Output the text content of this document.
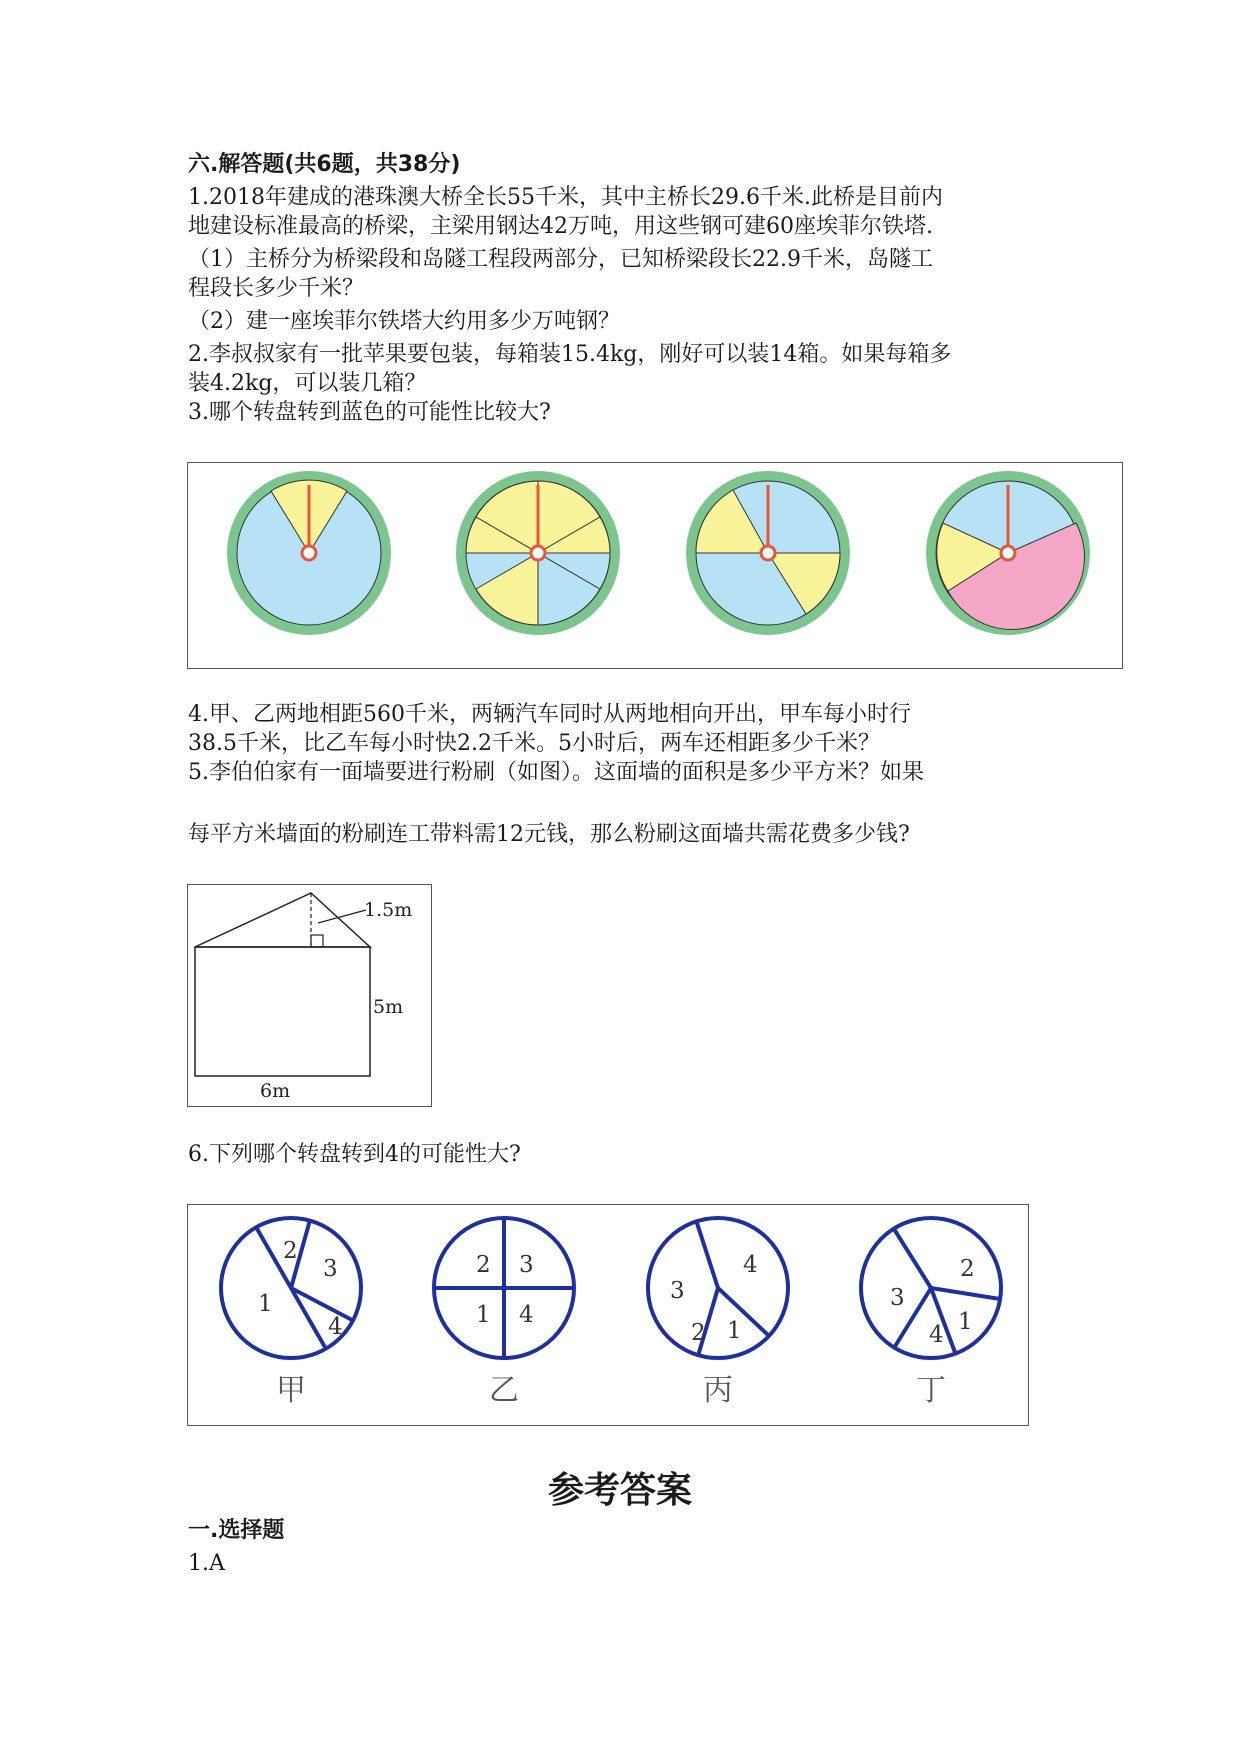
六.解答题(共6题，共38分)
1.2018年建成的港珠澳大桥全长55千米，其中主桥长29.6千米.此桥是目前内
地建设标准最高的桥梁，主梁用钢达42万吨，用这些钢可建60座埃菲尔铁塔.
（1）主桥分为桥梁段和岛隧工程段两部分，已知桥梁段长22.9千米，岛隧工
程段长多少千米？
（2）建一座埃菲尔铁塔大约用多少万吨钢？
2.李叔叔家有一批苹果要包装，每箱装15.4kg，刚好可以装14箱。如果每箱多
装4.2kg，可以装几箱？
3.哪个转盘转到蓝色的可能性比较大?
4.甲、乙两地相距560千米，两辆汽车同时从两地相向开出，甲车每小时行
38.5千米，比乙车每小时快2.2千米。5小时后，两车还相距多少千米？
5.李伯伯家有一面墙要进行粉刷（如图）。这面墙的面积是多少平方米？如果
每平方米墙面的粉刷连工带料需12元钱，那么粉刷这面墙共需花费多少钱?
1.5m
5m
6m
6.下列哪个转盘转到4的可能性大?
2
3
1
4
2 3
1 4
3
4
2 1
3
2
4 1
甲	乙	丙	丁
参考答案
一.选择题
1.A
